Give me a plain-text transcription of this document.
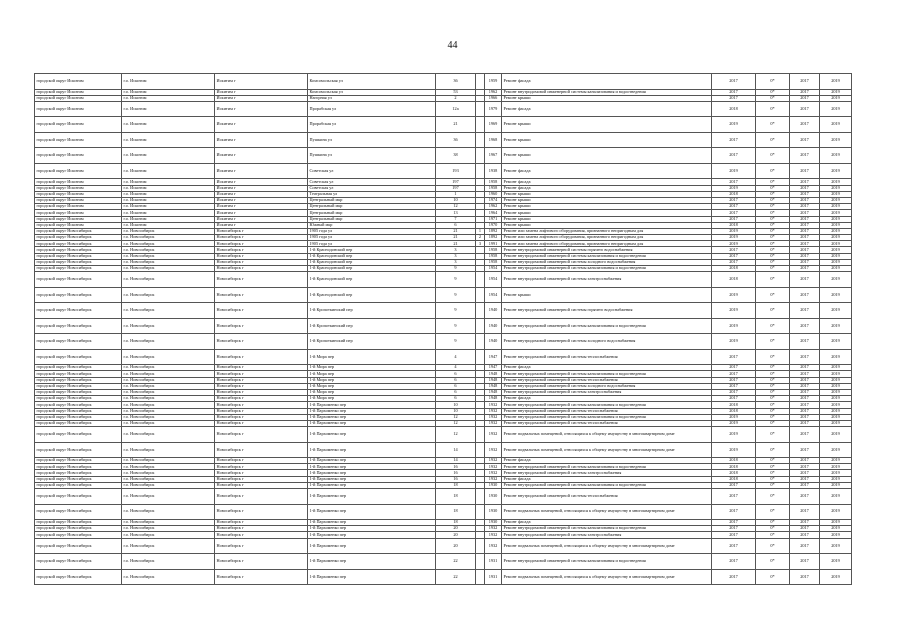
44
городской округ Искитим	г.о. Искитим	Искитим г	Комсомольская ул	36		1959	Ремонт фасада	2017	0*	2017	2019
городской округ Искитим	г.о. Искитим	Искитим г	Комсомольская ул	53		1962	Ремонт внутридомовой инженерной системы канализования и водоотведения	2017	0*	2017	2019
городской округ Искитим	г.о. Искитим	Искитим г	Нагорная ул	2		1966	Ремонт крыши	2017	0*	2017	2019
городской округ Искитим	г.о. Искитим	Искитим г	Прорабская ул	12а		1979	Ремонт фасада	2018	0*	2017	2019
городской округ Искитим	г.о. Искитим	Искитим г	Прорабская ул	21		1969	Ремонт крыши	2019	0*	2017	2019
городской округ Искитим	г.о. Искитим	Искитим г	Пушкина ул	36		1968	Ремонт крыши	2017	0*	2017	2019
городской округ Искитим	г.о. Искитим	Искитим г	Пушкина ул	38		1967	Ремонт крыши	2017	0*	2017	2019
городской округ Искитим	г.о. Искитим	Искитим г	Советская ул	193		1938	Ремонт фасада	2019	0*	2017	2019
городской округ Искитим	г.о. Искитим	Искитим г	Советская ул	197		1958	Ремонт фасада	2017	0*	2017	2019
городской округ Искитим	г.о. Искитим	Искитим г	Советская ул	197		1958	Ремонт фасада	2019	0*	2017	2019
городской округ Искитим	г.о. Искитим	Искитим г	Театральная ул	1		1960	Ремонт крыши	2018	0*	2017	2019
городской округ Искитим	г.о. Искитим	Искитим г	Центральный мкр	10		1974	Ремонт крыши	2017	0*	2017	2019
городской округ Искитим	г.о. Искитим	Искитим г	Центральный мкр	12		1962	Ремонт крыши	2017	0*	2017	2019
городской округ Искитим	г.о. Искитим	Искитим г	Центральный мкр	13		1964	Ремонт крыши	2017	0*	2017	2019
городской округ Искитим	г.о. Искитим	Искитим г	Центральный мкр	7		1971	Ремонт крыши	2017	0*	2017	2019
городской округ Искитим	г.о. Искитим	Искитим г	Южный мкр	6		1970	Ремонт крыши	2018	0*	2017	2019
городской округ Новосибирск	г.о. Новосибирск	Новосибирск г	1905 года ул	21	1	1892	Ремонт или замена лифтового оборудования, признанного непригодным для	2019	0*	2017	2019
городской округ Новосибирск	г.о. Новосибирск	Новосибирск г	1905 года ул	21	2	1892	Ремонт или замена лифтового оборудования, признанного непригодным для	2019	0*	2017	2019
городской округ Новосибирск	г.о. Новосибирск	Новосибирск г	1905 года ул	21	3	1991	Ремонт или замена лифтового оборудования, признанного непригодным для	2019	0*	2017	2019
городской округ Новосибирск	г.о. Новосибирск	Новосибирск г	1-й Краснодонский пер	3		1958	Ремонт внутридомовой инженерной системы горячего водоснабжения	2017	0*	2017	2019
городской округ Новосибирск	г.о. Новосибирск	Новосибирск г	1-й Краснодонский пер	3		1958	Ремонт внутридомовой инженерной системы канализования и водоотведения	2017	0*	2017	2019
городской округ Новосибирск	г.о. Новосибирск	Новосибирск г	1-й Краснодонский пер	3		1958	Ремонт внутридомовой инженерной системы холодного водоснабжения	2017	0*	2017	2019
городской округ Новосибирск	г.о. Новосибирск	Новосибирск г	1-й Краснодонский пер	9		1954	Ремонт внутридомовой инженерной системы канализования и водоотведения	2018	0*	2017	2019
городской округ Новосибирск	г.о. Новосибирск	Новосибирск г	1-й Краснодонский пер	9		1954	Ремонт внутридомовой инженерной системы электроснабжения	2018	0*	2017	2019
городской округ Новосибирск	г.о. Новосибирск	Новосибирск г	1-й Краснодонский пер	9		1954	Ремонт крыши	2019	0*	2017	2019
городской округ Новосибирск	г.о. Новосибирск	Новосибирск г	1-й Кропоткинский пер	9		1940	Ремонт внутридомовой инженерной системы горячего водоснабжения	2019	0*	2017	2019
городской округ Новосибирск	г.о. Новосибирск	Новосибирск г	1-й Кропоткинский пер	9		1940	Ремонт внутридомовой инженерной системы канализования и водоотведения	2019	0*	2017	2019
городской округ Новосибирск	г.о. Новосибирск	Новосибирск г	1-й Кропоткинский пер	9		1940	Ремонт внутридомовой инженерной системы холодного водоснабжения	2019	0*	2017	2019
городской округ Новосибирск	г.о. Новосибирск	Новосибирск г	1-й Мира пер	4		1947	Ремонт внутридомовой инженерной системы теплоснабжения	2017	0*	2017	2019
городской округ Новосибирск	г.о. Новосибирск	Новосибирск г	1-й Мира пер	4		1947	Ремонт фасада	2017	0*	2017	2019
городской округ Новосибирск	г.о. Новосибирск	Новосибирск г	1-й Мира пер	6		1948	Ремонт внутридомовой инженерной системы канализования и водоотведения	2017	0*	2017	2019
городской округ Новосибирск	г.о. Новосибирск	Новосибирск г	1-й Мира пер	6		1948	Ремонт внутридомовой инженерной системы теплоснабжения	2017	0*	2017	2019
городской округ Новосибирск	г.о. Новосибирск	Новосибирск г	1-й Мира пер	6		1948	Ремонт внутридомовой инженерной системы холодного водоснабжения	2017	0*	2017	2019
городской округ Новосибирск	г.о. Новосибирск	Новосибирск г	1-й Мира пер	6		1948	Ремонт внутридомовой инженерной системы электроснабжения	2017	0*	2017	2019
городской округ Новосибирск	г.о. Новосибирск	Новосибирск г	1-й Мира пер	6		1948	Ремонт фасада	2017	0*	2017	2019
городской округ Новосибирск	г.о. Новосибирск	Новосибирск г	1-й Пархоменко пер	10		1932	Ремонт внутридомовой инженерной системы канализования и водоотведения	2018	0*	2017	2019
городской округ Новосибирск	г.о. Новосибирск	Новосибирск г	1-й Пархоменко пер	10		1932	Ремонт внутридомовой инженерной системы теплоснабжения	2018	0*	2017	2019
городской округ Новосибирск	г.о. Новосибирск	Новосибирск г	1-й Пархоменко пер	12		1932	Ремонт внутридомовой инженерной системы канализования и водоотведения	2019	0*	2017	2019
городской округ Новосибирск	г.о. Новосибирск	Новосибирск г	1-й Пархоменко пер	12		1932	Ремонт внутридомовой инженерной системы теплоснабжения	2019	0*	2017	2019
городской округ Новосибирск	г.о. Новосибирск	Новосибирск г	1-й Пархоменко пер	12		1932	Ремонт подвальных помещений, относящихся к общему имуществу в многоквартирном доме	2019	0*	2017	2019
городской округ Новосибирск	г.о. Новосибирск	Новосибирск г	1-й Пархоменко пер	14		1932	Ремонт подвальных помещений, относящихся к общему имуществу в многоквартирном доме	2019	0*	2017	2019
городской округ Новосибирск	г.о. Новосибирск	Новосибирск г	1-й Пархоменко пер	14		1932	Ремонт фасада	2018	0*	2017	2019
городской округ Новосибирск	г.о. Новосибирск	Новосибирск г	1-й Пархоменко пер	16		1932	Ремонт внутридомовой инженерной системы канализования и водоотведения	2018	0*	2017	2019
городской округ Новосибирск	г.о. Новосибирск	Новосибирск г	1-й Пархоменко пер	16		1932	Ремонт внутридомовой инженерной системы электроснабжения	2018	0*	2017	2019
городской округ Новосибирск	г.о. Новосибирск	Новосибирск г	1-й Пархоменко пер	16		1932	Ремонт фасада	2018	0*	2017	2019
городской округ Новосибирск	г.о. Новосибирск	Новосибирск г	1-й Пархоменко пер	18		1930	Ремонт внутридомовой инженерной системы канализования и водоотведения	2017	0*	2017	2019
городской округ Новосибирск	г.о. Новосибирск	Новосибирск г	1-й Пархоменко пер	18		1930	Ремонт внутридомовой инженерной системы теплоснабжения	2017	0*	2017	2019
городской округ Новосибирск	г.о. Новосибирск	Новосибирск г	1-й Пархоменко пер	18		1930	Ремонт подвальных помещений, относящихся к общему имуществу в многоквартирном доме	2017	0*	2017	2019
городской округ Новосибирск	г.о. Новосибирск	Новосибирск г	1-й Пархоменко пер	18		1930	Ремонт фасада	2017	0*	2017	2019
городской округ Новосибирск	г.о. Новосибирск	Новосибирск г	1-й Пархоменко пер	20		1932	Ремонт внутридомовой инженерной системы канализования и водоотведения	2017	0*	2017	2019
городской округ Новосибирск	г.о. Новосибирск	Новосибирск г	1-й Пархоменко пер	20		1932	Ремонт внутридомовой инженерной системы электроснабжения	2017	0*	2017	2019
городской округ Новосибирск	г.о. Новосибирск	Новосибирск г	1-й Пархоменко пер	20		1932	Ремонт подвальных помещений, относящихся к общему имуществу в многоквартирном доме	2017	0*	2017	2019
городской округ Новосибирск	г.о. Новосибирск	Новосибирск г	1-й Пархоменко пер	22		1931	Ремонт внутридомовой инженерной системы канализования и водоотведения	2017	0*	2017	2019
городской округ Новосибирск	г.о. Новосибирск	Новосибирск г	1-й Пархоменко пер	22		1931	Ремонт подвальных помещений, относящихся к общему имуществу в многоквартирном доме	2017	0*	2017	2019
